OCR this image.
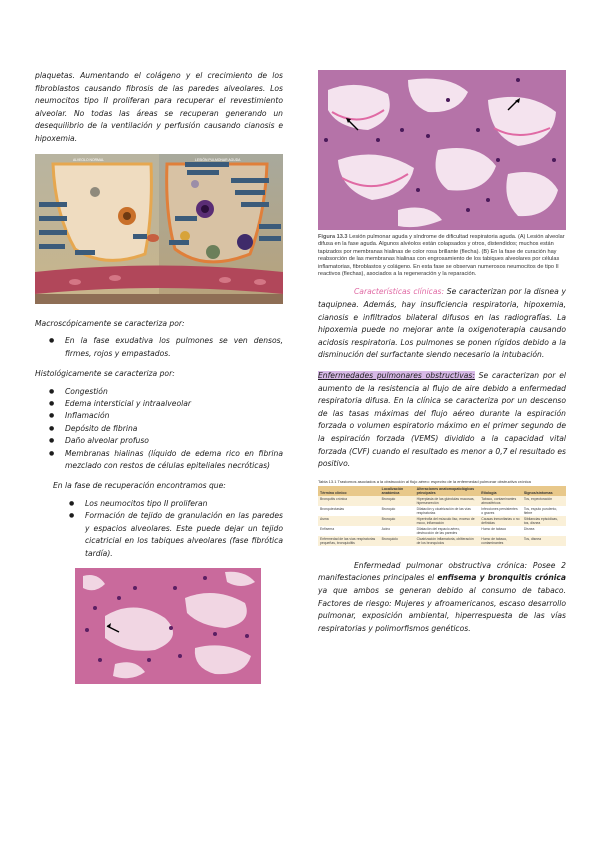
plaquetas. Aumentando el colágeno y el crecimiento de los fibroblastos causando fibrosis de las paredes alveolares. Los neumocitos tipo II proliferan para recuperar el revestimiento alveolar. No todas las áreas se recuperan generando un desequilibrio de la ventilación y perfusión causando cianosis e hipoxemia.

ALVEOLO NORMAL	LESIÓN PULMONAR AGUDA

Macroscópicamente se caracteriza por:

● En la fase exudativa los pulmones se ven densos, firmes, rojos y empastados.

Histológicamente se caracteriza por:

● Congestión
● Edema intersticial y intraalveolar
● Inflamación
● Depósito de fibrina
● Daño alveolar profuso
● Membranas hialinas (líquido de edema rico en fibrina mezclado con restos de células epiteliales necróticas)

En la fase de recuperación encontramos que:

● Los neumocitos tipo II proliferan
● Formación de tejido de granulación en las paredes y espacios alveolares. Este puede dejar un tejido cicatricial en los tabiques alveolares (fase fibrótica tardía).

Figura 13.3 Lesión pulmonar aguda y síndrome de dificultad respiratoria aguda. (A) Lesión alveolar difusa en la fase aguda. Algunos alvéolos están colapsados y otros, distendidos; muchos están tapizados por membranas hialinas de color rosa brillante (flecha). (B) En la fase de curación hay reabsorción de las membranas hialinas con engrosamiento de los tabiques alveolares por células inflamatorias, fibroblastos y colágeno. En esta fase se observan numerosos neumocitos de tipo II reactivos (flechas), asociados a la regeneración y la reparación.

Características clínicas: Se caracterizan por la disnea y taquipnea. Además, hay insuficiencia respiratoria, hipoxemia, cianosis e infiltrados bilateral difusos en las radiografías. La hipoxemia puede no mejorar ante la oxigenoterapia causando acidosis respiratoria. Los pulmones se ponen rígidos debido a la disminución del surfactante siendo necesario la intubación.

Enfermedades pulmonares obstructivas: Se caracterizan por el aumento de la resistencia al flujo de aire debido a enfermedad respiratoria difusa. En la clínica se caracteriza por un descenso de las tasas máximas del flujo aéreo durante la espiración forzada o volumen espiratorio máximo en el primer segundo de la espiración forzada (VEMS) dividido a la capacidad vital forzada (CVF) cuando el resultado es menor a 0,7 el resultado es positivo.

Tabla 13.1 Trastornos asociados a la obstrucción al flujo aéreo: espectro de la enfermedad pulmonar obstructiva crónica
Término clínico	Localización anatómica	Alteraciones anatomopatológicas principales	Etiología	Signos/síntomas
Bronquitis crónica	Bronquio	Hiperplasia de las glándulas mucosas, hipersecreción	Tabaco, contaminantes atmosféricos	Tos, expectoración
Bronquiectasias	Bronquio	Dilatación y cicatrización de las vías respiratorias	Infecciones persistentes o graves	Tos, esputo purulento, fiebre
Asma	Bronquio	Hipertrofia del músculo liso, exceso de moco, inflamación	Causas inmunitarias o no definidas	Sibilancias episódicas, tos, disnea
Enfisema	Acino	Dilatación del espacio aéreo, destrucción de las paredes	Humo de tabaco	Disnea
Enfermedad de las vías respiratorias pequeñas, bronquiolitis	Bronquiolo	Cicatrización inflamatoria, obliteración de los bronquiolos	Humo de tabaco, contaminantes	Tos, disnea

Enfermedad pulmonar obstructiva crónica: Posee 2 manifestaciones principales el enfisema y bronquitis crónica ya que ambos se generan debido al consumo de tabaco. Factores de riesgo: Mujeres y afroamericanos, escaso desarrollo pulmonar, exposición ambiental, hiperrespuesta de las vías respiratorias y polimorfismos genéticos.
